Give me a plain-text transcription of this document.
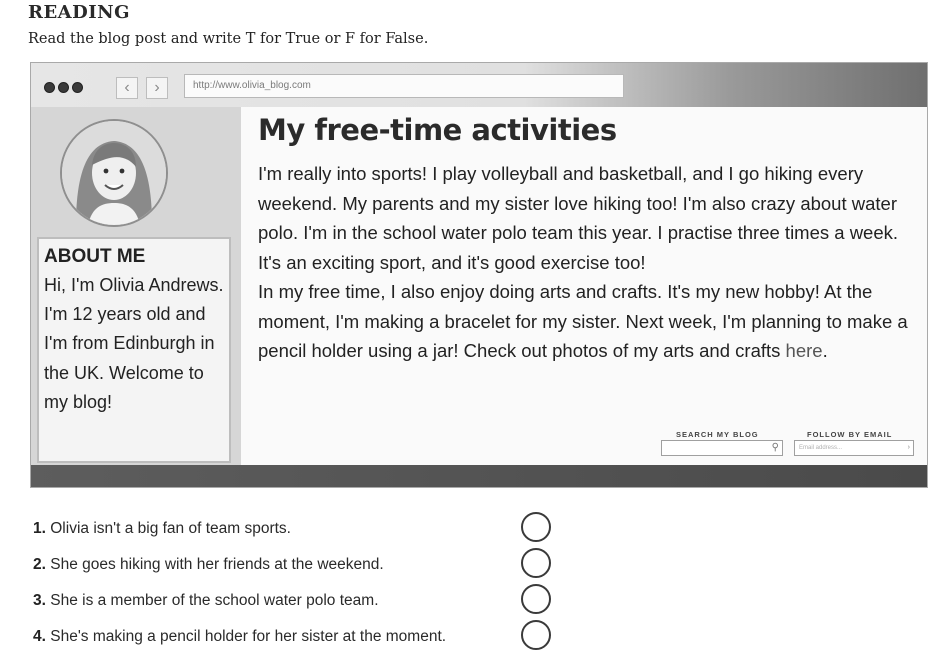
READING
Read the blog post and write T for True or F for False.
‹	›	http://www.olivia_blog.com
ABOUT ME
Hi, I'm Olivia Andrews. I'm 12 years old and I'm from Edinburgh in the UK. Welcome to my blog!
My free-time activities

I'm really into sports! I play volleyball and basketball, and I go hiking every weekend. My parents and my sister love hiking too! I'm also crazy about water polo. I'm in the school water polo team this year. I practise three times a week. It's an exciting sport, and it's good exercise too!

In my free time, I also enjoy doing arts and crafts. It's my new hobby! At the moment, I'm making a bracelet for my sister. Next week, I'm planning to make a pencil holder using a jar! Check out photos of my arts and crafts here.

SEARCH MY BLOG
⚲
FOLLOW BY EMAIL
Email address...	›
1. Olivia isn't a big fan of team sports.
2. She goes hiking with her friends at the weekend.
3. She is a member of the school water polo team.
4. She's making a pencil holder for her sister at the moment.
